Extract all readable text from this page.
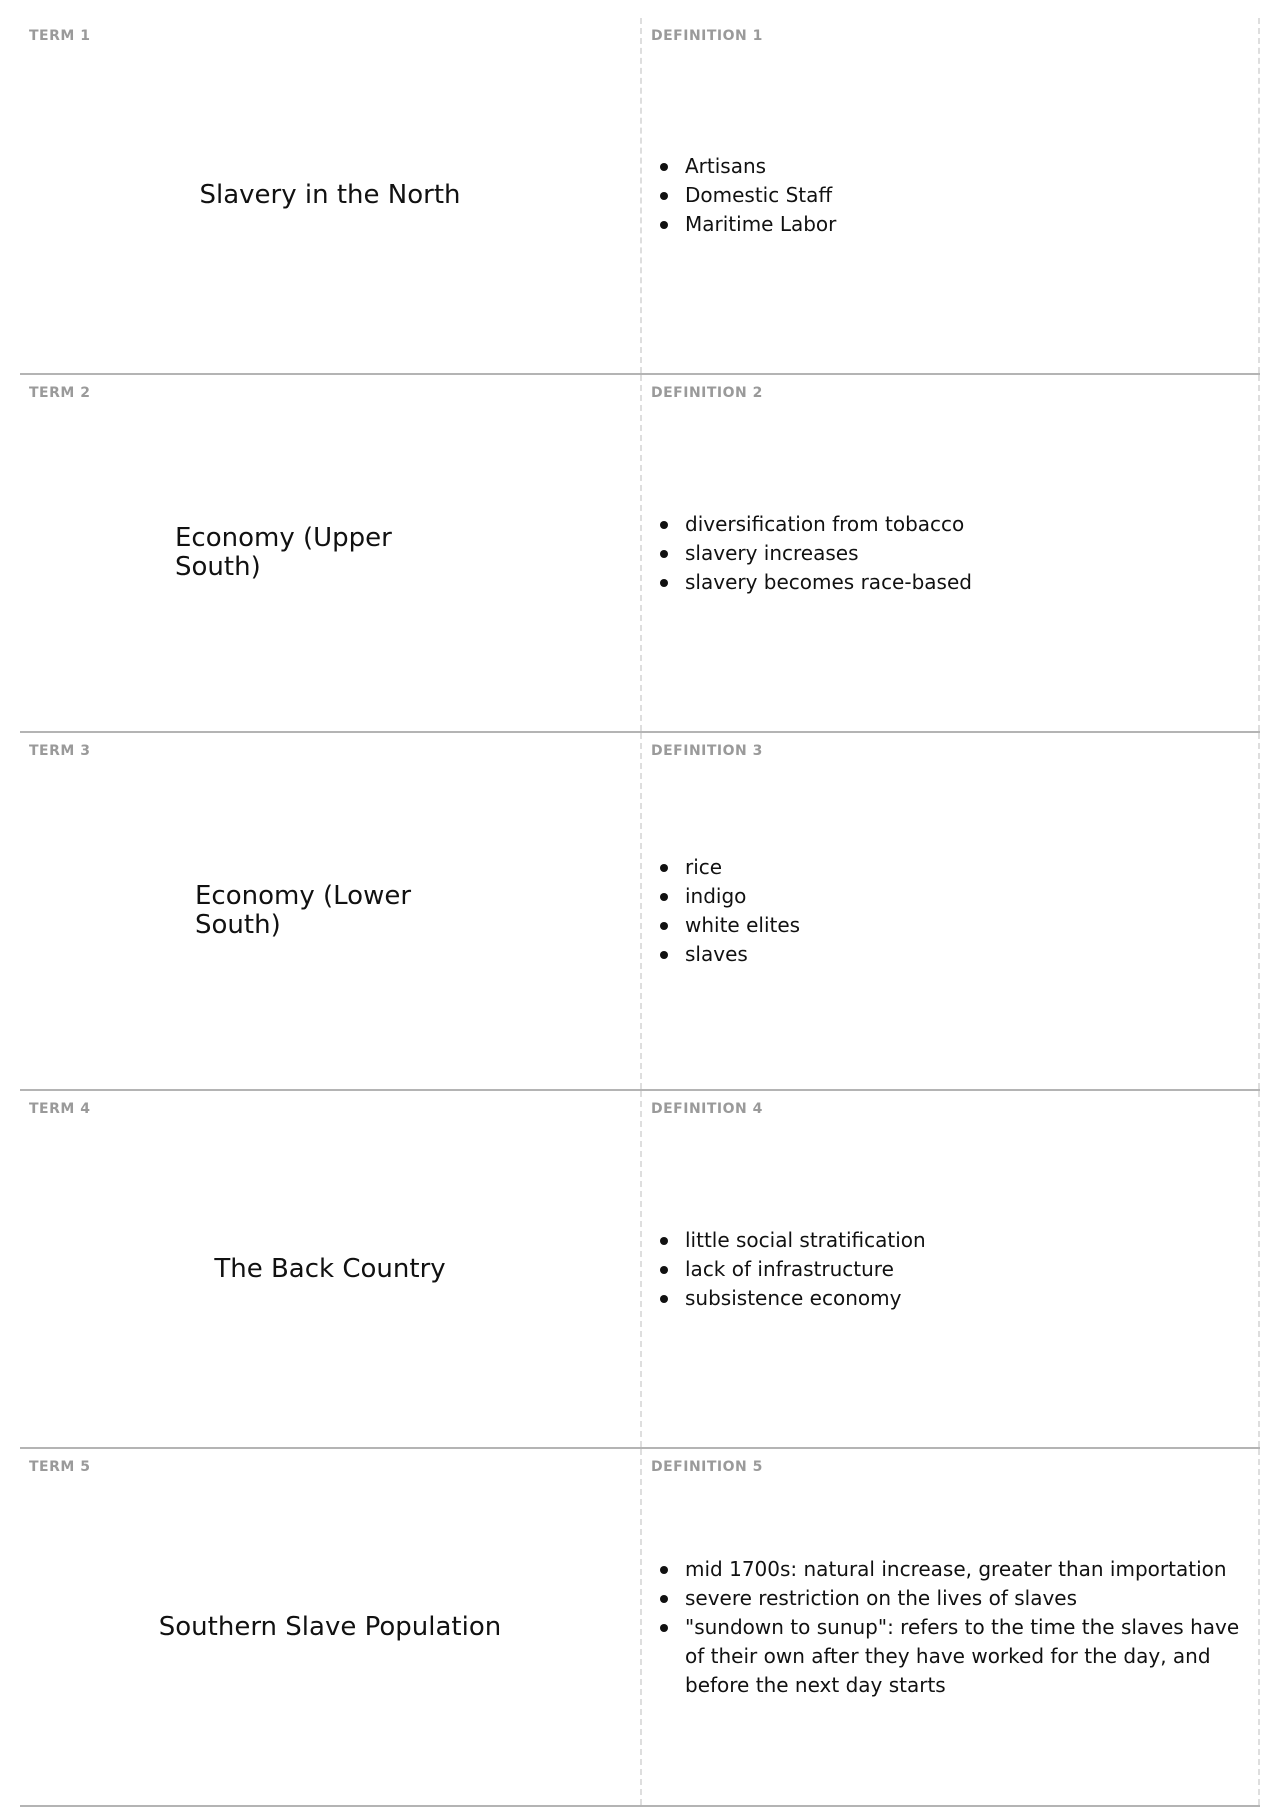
TERM 1
Slavery in the North
DEFINITION 1
Artisans
Domestic Staff
Maritime Labor
TERM 2
Economy (Upper South)
DEFINITION 2
diversification from tobacco
slavery increases
slavery becomes race-based
TERM 3
Economy (Lower South)
DEFINITION 3
rice
indigo
white elites
slaves
TERM 4
The Back Country
DEFINITION 4
little social stratification
lack of infrastructure
subsistence economy
TERM 5
Southern Slave Population
DEFINITION 5
mid 1700s: natural increase, greater than importation
severe restriction on the lives of slaves
"sundown to sunup": refers to the time the slaves have of their own after they have worked for the day, and before the next day starts
